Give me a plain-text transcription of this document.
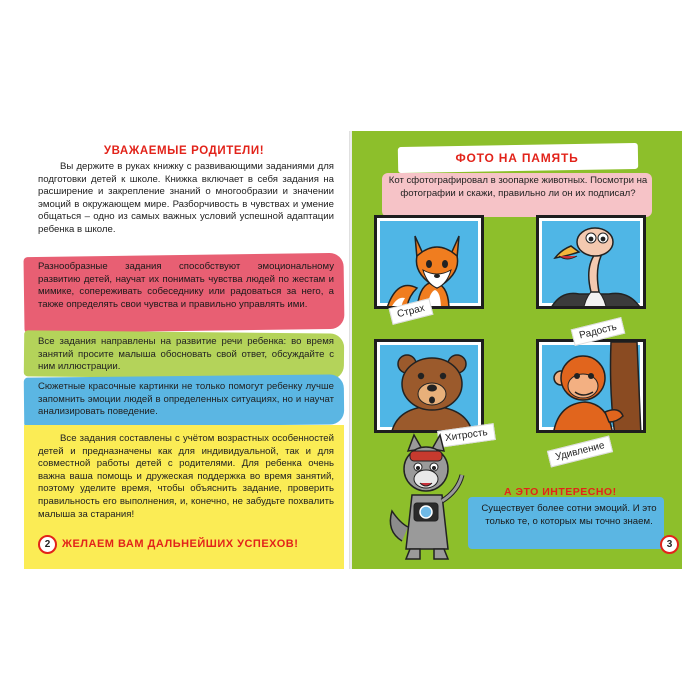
УВАЖАЕМЫЕ РОДИТЕЛИ!

Вы держите в руках книжку с развивающими заданиями для подготовки детей к школе. Книжка включает в себя задания на расширение и закрепление знаний о многообразии и значении эмоций в окружающем мире. Разборчивость в чувствах и умение общаться – одно из самых важных условий успешной адаптации ребенка в школе.

Разнообразные задания способствуют эмоциональному развитию детей, научат их понимать чувства людей по жестам и мимике, сопереживать собеседнику или радоваться за него, а также определять свои чувства и правильно управлять ими.

Все задания направлены на развитие речи ребенка: во время занятий просите малыша обосновать свой ответ, обсуждайте с ним иллюстрации.

Сюжетные красочные картинки не только помогут ребенку лучше запомнить эмоции людей в определенных ситуациях, но и научат анализировать поведение.

Все задания составлены с учётом возрастных особенностей детей и предназначены как для индивидуальной, так и для совместной работы детей с родителями. Для ребенка очень важна ваша помощь и дружеская поддержка во время занятий, поэтому уделите время, чтобы объяснить задание, проверить правильность его выполнения, и, конечно, не забудьте похвалить малыша за старания!

2	ЖЕЛАЕМ ВАМ ДАЛЬНЕЙШИХ УСПЕХОВ!
ФОТО НА ПАМЯТЬ

Кот сфотографировал в зоопарке животных. Посмотри на фотографии и скажи, правильно ли он их подписал?

Страх
Радость
Хитрость
Удивление
А ЭТО ИНТЕРЕСНО!

Существует более сотни эмоций. И это только те, о которых мы точно знаем.

3
